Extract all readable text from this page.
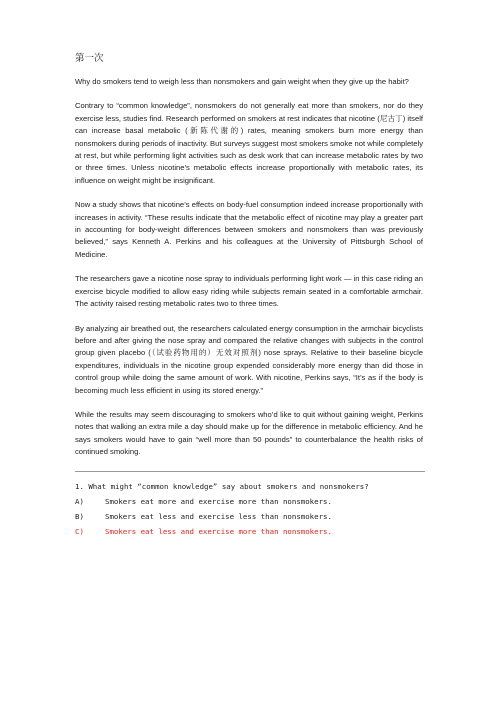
第一次

Why do smokers tend to weigh less than nonsmokers and gain weight when they give up the habit?

Contrary to “common knowledge”, nonsmokers do not generally eat more than smokers, nor do they exercise less, studies find. Research performed on smokers at rest indicates that nicotine (尼古丁) itself can increase basal metabolic (新陈代谢的) rates, meaning smokers burn more energy than nonsmokers during periods of inactivity. But surveys suggest most smokers smoke not while completely at rest, but while performing light activities such as desk work that can increase metabolic rates by two or three times. Unless nicotine’s metabolic effects increase proportionally with metabolic rates, its influence on weight might be insignificant.

Now a study shows that nicotine’s effects on body-fuel consumption indeed increase proportionally with increases in activity. “These results indicate that the metabolic effect of nicotine may play a greater part in accounting for body-weight differences between smokers and nonsmokers than was previously believed,” says Kenneth A. Perkins and his colleagues at the University of Pittsburgh School of Medicine.

The researchers gave a nicotine nose spray to individuals performing light work — in this case riding an exercise bicycle modified to allow easy riding while subjects remain seated in a comfortable armchair. The activity raised resting metabolic rates two to three times.

By analyzing air breathed out, the researchers calculated energy consumption in the armchair bicyclists before and after giving the nose spray and compared the relative changes with subjects in the control group given placebo (（试验药物用的）无效对照剂) nose sprays. Relative to their baseline bicycle expenditures, individuals in the nicotine group expended considerably more energy than did those in control group while doing the same amount of work. With nicotine, Perkins says, “It’s as if the body is becoming much less efficient in using its stored energy.”

While the results may seem discouraging to smokers who’d like to quit without gaining weight, Perkins notes that walking an extra mile a day should make up for the difference in metabolic efficiency. And he says smokers would have to gain “well more than 50 pounds” to counterbalance the health risks of continued smoking.

1. What might “common knowledge” say about smokers and nonsmokers?
A)	Smokers eat more and exercise more than nonsmokers.
B)	Smokers eat less and exercise less than nonsmokers.
C)	Smokers eat less and exercise more than nonsmokers.
